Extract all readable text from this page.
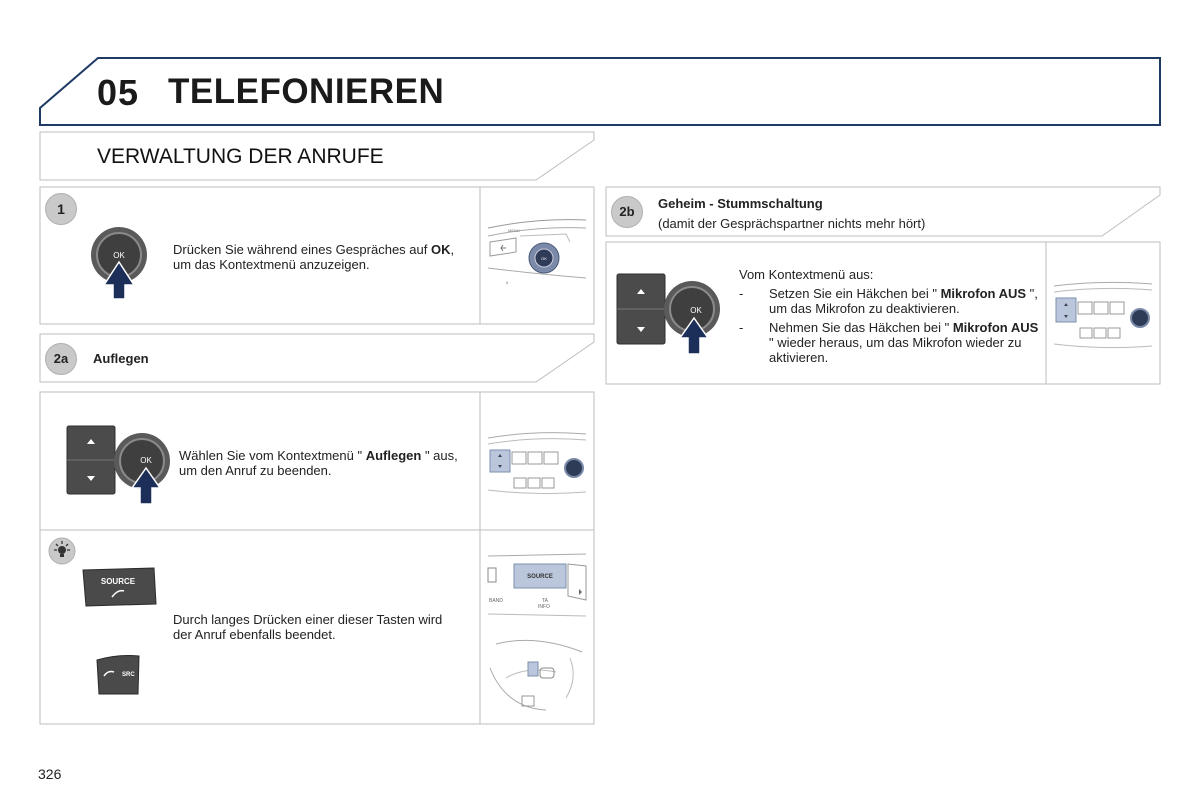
05 TELEFONIEREN
VERWALTUNG DER ANRUFE
1
OK	Drücken Sie während eines Gespräches auf OK, um das Kontextmenü anzuzeigen.	OK
MENU
6
2a	Auflegen
OK Wählen Sie vom Kontextmenü " Auflegen " aus, um den Anruf zu beenden.
SOURCE
SRC
Durch langes Drücken einer dieser Tasten wird der Anruf ebenfalls beendet.
SOURCE
BAND	TA
INFO
2b
Geheim - Stummschaltung
(damit der Gesprächspartner nichts mehr hört)
OK
Vom Kontextmenü aus:
- Setzen Sie ein Häkchen bei " Mikrofon AUS ", um das Mikrofon zu deaktivieren.
- Nehmen Sie das Häkchen bei " Mikrofon AUS " wieder heraus, um das Mikrofon wieder zu aktivieren.
326
